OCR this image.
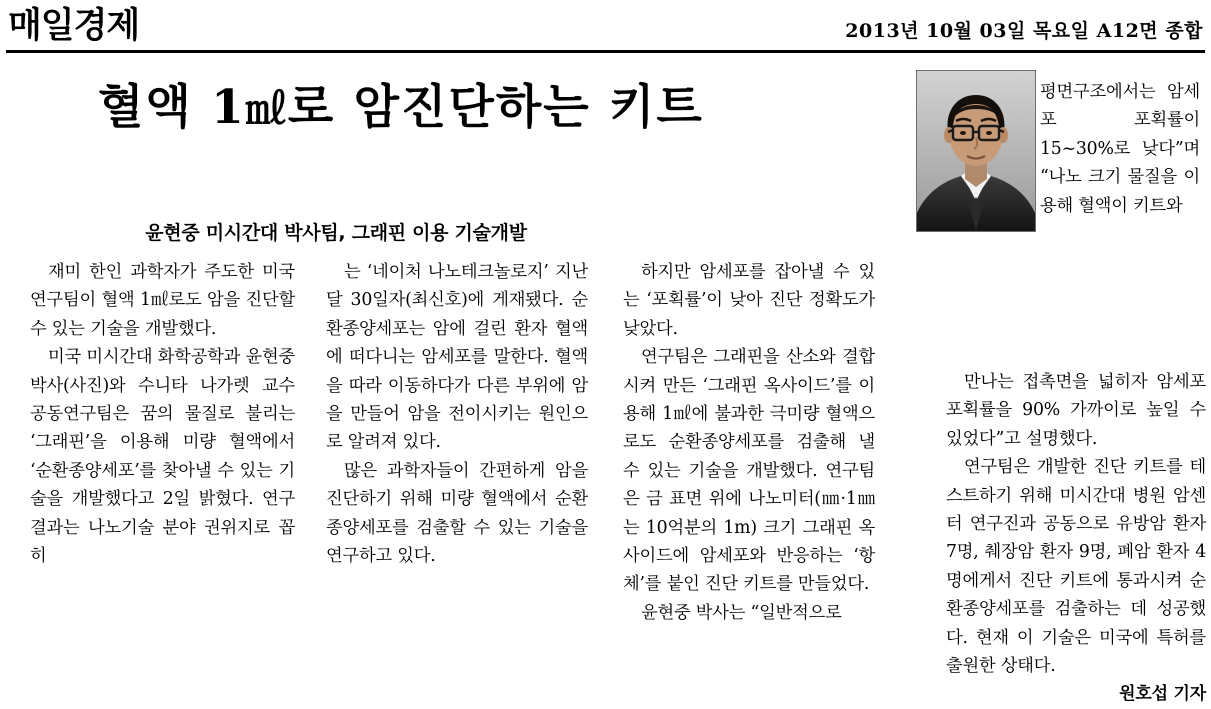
매일경제	2013년 10월 03일 목요일 A12면 종합
혈액 1㎖로 암진단하는 키트
윤현중 미시간대 박사팀, 그래핀 이용 기술개발

평면구조에서는 암세포 포획률이 15~30%로 낮다”며 “나노 크기 물질을 이용해 혈액이 키트와

재미 한인 과학자가 주도한 미국 연구팀이 혈액 1㎖로도 암을 진단할 수 있는 기술을 개발했다.

미국 미시간대 화학공학과 윤현중 박사(사진)와 수니타 나가렛 교수 공동연구팀은 꿈의 물질로 불리는 ‘그래핀’을 이용해 미량 혈액에서 ‘순환종양세포’를 찾아낼 수 있는 기술을 개발했다고 2일 밝혔다. 연구 결과는 나노기술 분야 권위지로 꼽히

는 ‘네이처 나노테크놀로지’ 지난달 30일자(최신호)에 게재됐다. 순환종양세포는 암에 걸린 환자 혈액에 떠다니는 암세포를 말한다. 혈액을 따라 이동하다가 다른 부위에 암을 만들어 암을 전이시키는 원인으로 알려져 있다.

많은 과학자들이 간편하게 암을 진단하기 위해 미량 혈액에서 순환종양세포를 검출할 수 있는 기술을 연구하고 있다.

하지만 암세포를 잡아낼 수 있는 ‘포획률’이 낮아 진단 정확도가 낮았다.

연구팀은 그래핀을 산소와 결합시켜 만든 ‘그래핀 옥사이드’를 이용해 1㎖에 불과한 극미량 혈액으로도 순환종양세포를 검출해 낼 수 있는 기술을 개발했다. 연구팀은 금 표면 위에 나노미터(㎚·1㎚는 10억분의 1m) 크기 그래핀 옥사이드에 암세포와 반응하는 ‘항체’를 붙인 진단 키트를 만들었다.

윤현중 박사는 “일반적으로

만나는 접촉면을 넓히자 암세포 포획률을 90% 가까이로 높일 수 있었다”고 설명했다.

연구팀은 개발한 진단 키트를 테스트하기 위해 미시간대 병원 암센터 연구진과 공동으로 유방암 환자 7명, 췌장암 환자 9명, 폐암 환자 4명에게서 진단 키트에 통과시켜 순환종양세포를 검출하는 데 성공했다. 현재 이 기술은 미국에 특허를 출원한 상태다.

원호섭 기자
